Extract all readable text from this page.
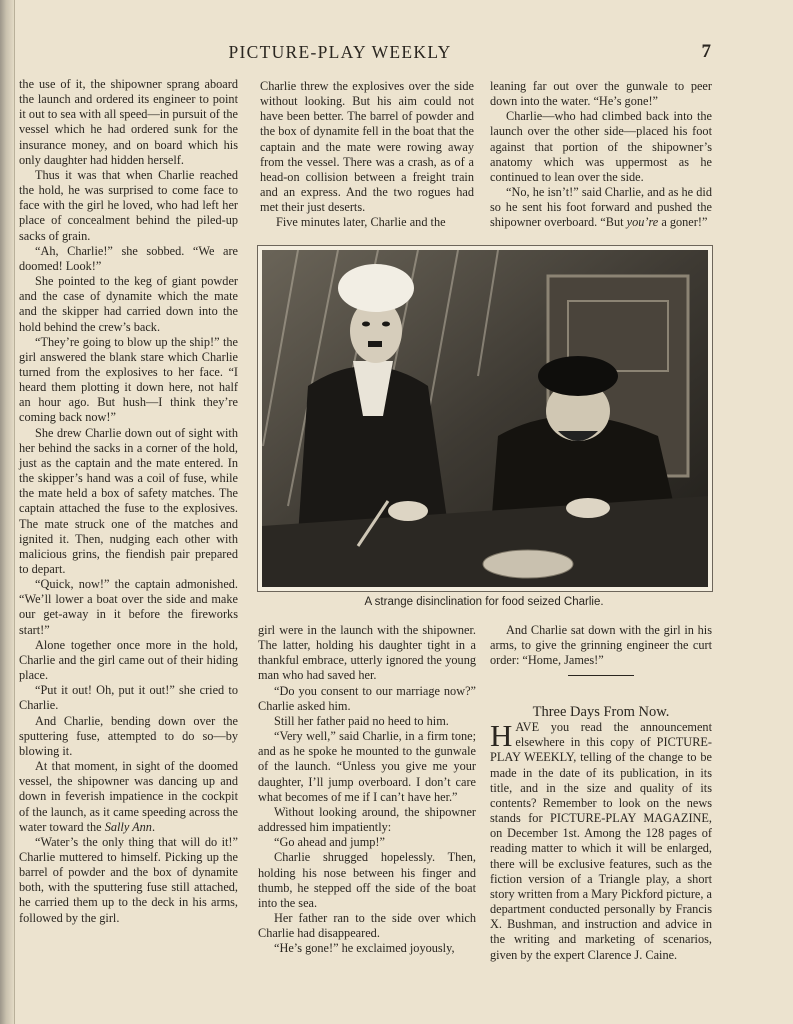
PICTURE-PLAY WEEKLY	7

the use of it, the shipowner sprang aboard the launch and ordered its engineer to point it out to sea with all speed—in pursuit of the vessel which he had ordered sunk for the insurance money, and on board which his only daughter had hidden herself.

Thus it was that when Charlie reached the hold, he was surprised to come face to face with the girl he loved, who had left her place of concealment behind the piled-up sacks of grain.

“Ah, Charlie!” she sobbed. “We are doomed! Look!”

She pointed to the keg of giant powder and the case of dynamite which the mate and the skipper had carried down into the hold behind the crew’s back.

“They’re going to blow up the ship!” the girl answered the blank stare which Charlie turned from the explosives to her face. “I heard them plotting it down here, not half an hour ago. But hush—I think they’re coming back now!”

She drew Charlie down out of sight with her behind the sacks in a corner of the hold, just as the captain and the mate entered. In the skipper’s hand was a coil of fuse, while the mate held a box of safety matches. The captain attached the fuse to the explosives. The mate struck one of the matches and ignited it. Then, nudging each other with malicious grins, the fiendish pair prepared to depart.

“Quick, now!” the captain admonished. “We’ll lower a boat over the side and make our get-away in it before the fireworks start!”

Alone together once more in the hold, Charlie and the girl came out of their hiding place.

“Put it out! Oh, put it out!” she cried to Charlie.

And Charlie, bending down over the sputtering fuse, attempted to do so—by blowing it.

At that moment, in sight of the doomed vessel, the shipowner was dancing up and down in feverish impatience in the cockpit of the launch, as it came speeding across the water toward the Sally Ann.

“Water’s the only thing that will do it!” Charlie muttered to himself. Picking up the barrel of powder and the box of dynamite both, with the sputtering fuse still attached, he carried them up to the deck in his arms, followed by the girl.

Charlie threw the explosives over the side without looking. But his aim could not have been better. The barrel of powder and the box of dynamite fell in the boat that the captain and the mate were rowing away from the vessel. There was a crash, as of a head-on collision between a freight train and an express. And the two rogues had met their just deserts.

Five minutes later, Charlie and the

leaning far out over the gunwale to peer down into the water. “He’s gone!”

Charlie—who had climbed back into the launch over the other side—placed his foot against that portion of the shipowner’s anatomy which was uppermost as he continued to lean over the side.

“No, he isn’t!” said Charlie, and as he did so he sent his foot forward and pushed the shipowner overboard. “But you’re a goner!”

A strange disinclination for food seized Charlie.

girl were in the launch with the shipowner. The latter, holding his daughter tight in a thankful embrace, utterly ignored the young man who had saved her.

“Do you consent to our marriage now?” Charlie asked him.

Still her father paid no heed to him.

“Very well,” said Charlie, in a firm tone; and as he spoke he mounted to the gunwale of the launch. “Unless you give me your daughter, I’ll jump overboard. I don’t care what becomes of me if I can’t have her.”

Without looking around, the shipowner addressed him impatiently:

“Go ahead and jump!”

Charlie shrugged hopelessly. Then, holding his nose between his finger and thumb, he stepped off the side of the boat into the sea.

Her father ran to the side over which Charlie had disappeared.

“He’s gone!” he exclaimed joyously,

And Charlie sat down with the girl in his arms, to give the grinning engineer the curt order: “Home, James!”

Three Days From Now.

HAVE you read the announcement elsewhere in this copy of PICTURE-PLAY WEEKLY, telling of the change to be made in the date of its publication, in its title, and in the size and quality of its contents? Remember to look on the news stands for PICTURE-PLAY MAGAZINE, on December 1st. Among the 128 pages of reading matter to which it will be enlarged, there will be exclusive features, such as the fiction version of a Triangle play, a short story written from a Mary Pickford picture, a department conducted personally by Francis X. Bushman, and instruction and advice in the writing and marketing of scenarios, given by the expert Clarence J. Caine.
